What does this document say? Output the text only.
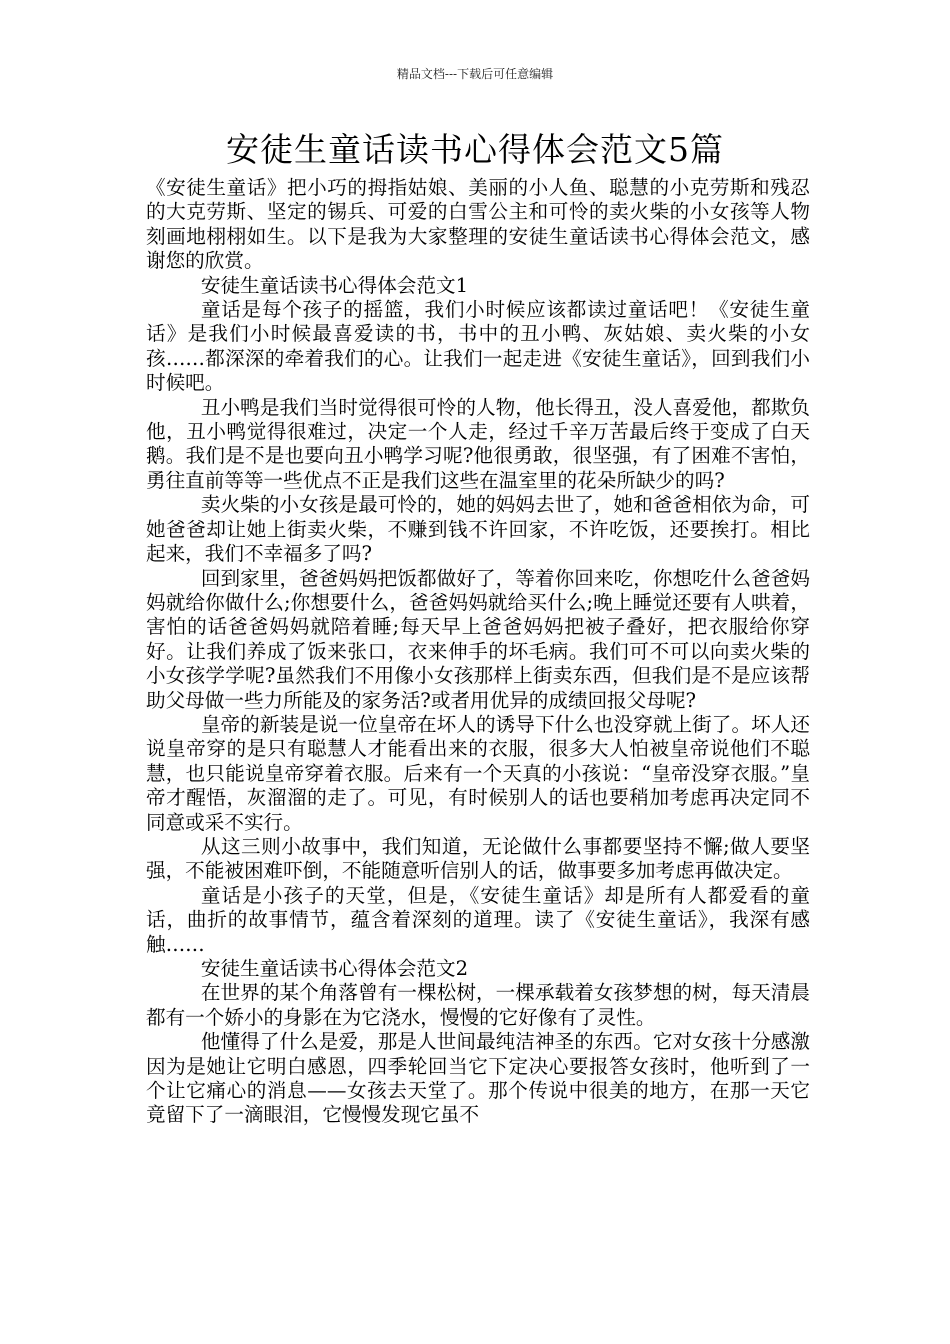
精品文档---下载后可任意编辑
安徒生童话读书心得体会范文5篇

《安徒生童话》把小巧的拇指姑娘、美丽的小人鱼、聪慧的小克劳斯和残忍的大克劳斯、坚定的锡兵、可爱的白雪公主和可怜的卖火柴的小女孩等人物刻画地栩栩如生。以下是我为大家整理的安徒生童话读书心得体会范文，感谢您的欣赏。

安徒生童话读书心得体会范文1

童话是每个孩子的摇篮，我们小时候应该都读过童话吧！《安徒生童话》是我们小时候最喜爱读的书，书中的丑小鸭、灰姑娘、卖火柴的小女孩……都深深的牵着我们的心。让我们一起走进《安徒生童话》，回到我们小时候吧。

丑小鸭是我们当时觉得很可怜的人物，他长得丑，没人喜爱他，都欺负他，丑小鸭觉得很难过，决定一个人走，经过千辛万苦最后终于变成了白天鹅。我们是不是也要向丑小鸭学习呢?他很勇敢，很坚强，有了困难不害怕，勇往直前等等一些优点不正是我们这些在温室里的花朵所缺少的吗?

卖火柴的小女孩是最可怜的，她的妈妈去世了，她和爸爸相依为命，可她爸爸却让她上街卖火柴，不赚到钱不许回家，不许吃饭，还要挨打。相比起来，我们不幸福多了吗?

回到家里，爸爸妈妈把饭都做好了，等着你回来吃，你想吃什么爸爸妈妈就给你做什么;你想要什么，爸爸妈妈就给买什么;晚上睡觉还要有人哄着，害怕的话爸爸妈妈就陪着睡;每天早上爸爸妈妈把被子叠好，把衣服给你穿好。让我们养成了饭来张口，衣来伸手的坏毛病。我们可不可以向卖火柴的小女孩学学呢?虽然我们不用像小女孩那样上街卖东西，但我们是不是应该帮助父母做一些力所能及的家务活?或者用优异的成绩回报父母呢?

皇帝的新装是说一位皇帝在坏人的诱导下什么也没穿就上街了。坏人还说皇帝穿的是只有聪慧人才能看出来的衣服，很多大人怕被皇帝说他们不聪慧，也只能说皇帝穿着衣服。后来有一个天真的小孩说：“皇帝没穿衣服。”皇帝才醒悟，灰溜溜的走了。可见，有时候别人的话也要稍加考虑再决定同不同意或采不实行。

从这三则小故事中，我们知道，无论做什么事都要坚持不懈;做人要坚强，不能被困难吓倒，不能随意听信别人的话，做事要多加考虑再做决定。

童话是小孩子的天堂，但是，《安徒生童话》却是所有人都爱看的童话，曲折的故事情节，蕴含着深刻的道理。读了《安徒生童话》，我深有感触……

安徒生童话读书心得体会范文2

在世界的某个角落曾有一棵松树，一棵承载着女孩梦想的树，每天清晨都有一个娇小的身影在为它浇水，慢慢的它好像有了灵性。

他懂得了什么是爱，那是人世间最纯洁神圣的东西。它对女孩十分感激因为是她让它明白感恩，四季轮回当它下定决心要报答女孩时，他听到了一个让它痛心的消息——女孩去天堂了。那个传说中很美的地方，在那一天它竟留下了一滴眼泪，它慢慢发现它虽不
